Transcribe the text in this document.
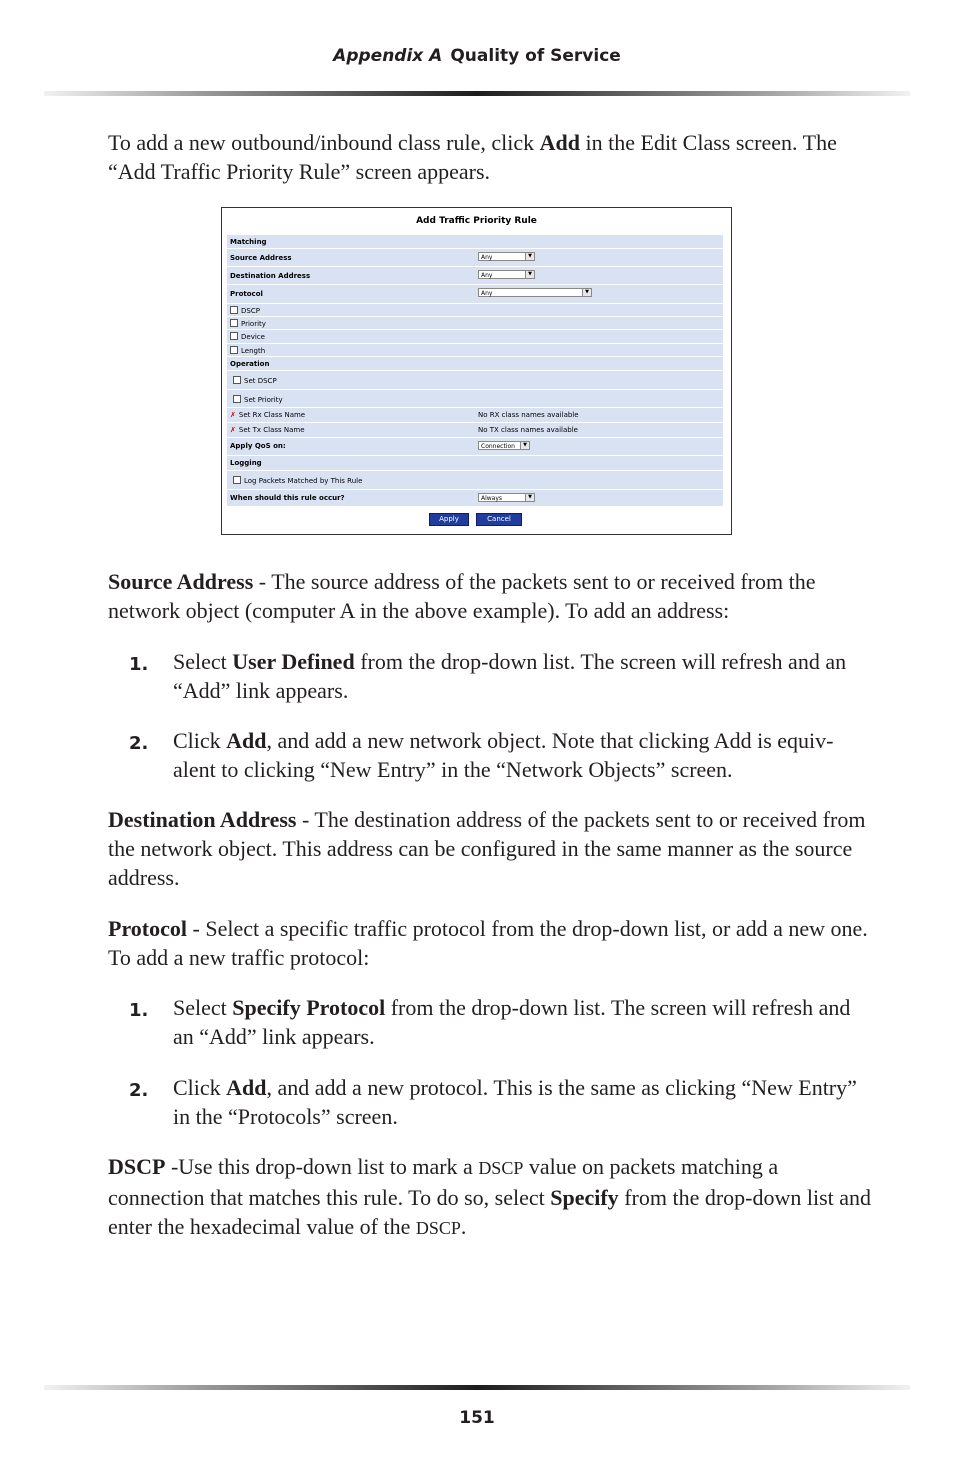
Appendix A Quality of Service

To add a new outbound/inbound class rule, click Add in the Edit Class screen. The “Add Traffic Priority Rule” screen appears.

Add Traffic Priority Rule
Matching
Source Address	Any	▼
Destination Address	Any	▼
Protocol	Any	▼
DSCP
Priority
Device
Length
Operation
Set DSCP
Set Priority
✗ Set Rx Class Name	No RX class names available
✗ Set Tx Class Name	No TX class names available
Apply QoS on:	Connection	▼
Logging
Log Packets Matched by This Rule
When should this rule occur?	Always	▼
Apply	Cancel

Source Address - The source address of the packets sent to or received from the network object (computer A in the above example). To add an address:

1. Select User Defined from the drop-down list. The screen will refresh and an “Add” link appears.
2. Click Add, and add a new network object. Note that clicking Add is equiv-alent to clicking “New Entry” in the “Network Objects” screen.

Destination Address - The destination address of the packets sent to or received from the network object. This address can be configured in the same manner as the source address.

Protocol - Select a specific traffic protocol from the drop-down list, or add a new one. To add a new traffic protocol:

1. Select Specify Protocol from the drop-down list. The screen will refresh and an “Add” link appears.
2. Click Add, and add a new protocol. This is the same as clicking “New Entry” in the “Protocols” screen.

DSCP -Use this drop-down list to mark a DSCP value on packets matching a connection that matches this rule. To do so, select Specify from the drop-down list and enter the hexadecimal value of the DSCP.

151
